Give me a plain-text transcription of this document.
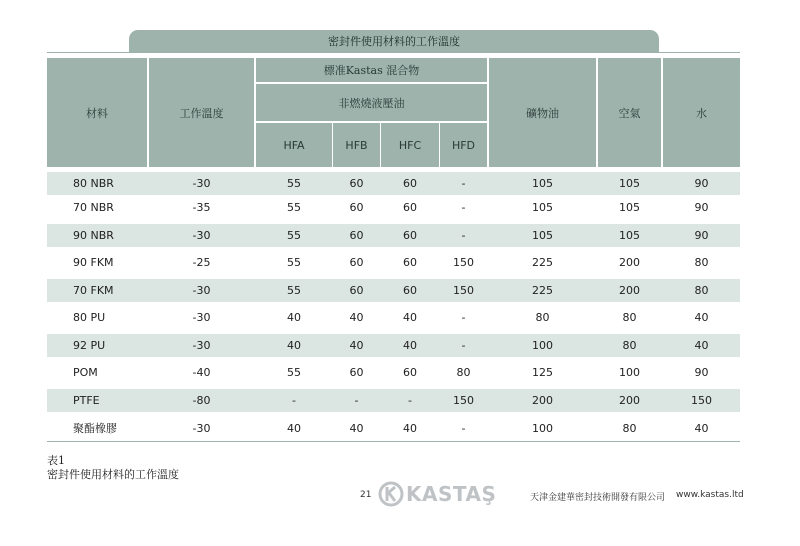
密封件使用材料的工作溫度
材料	工作溫度
標准Kastas 混合物
非燃燒液壓油
HFA	HFB	HFC	HFD
礦物油	空氣	水
80 NBR	-30	55	60	60	-	105	105	90
70 NBR	-35	55	60	60	-	105	105	90
90 NBR	-30	55	60	60	-	105	105	90
90 FKM	-25	55	60	60	150	225	200	80
70 FKM	-30	55	60	60	150	225	200	80
80 PU	-30	40	40	40	-	80	80	40
92 PU	-30	40	40	40	-	100	80	40
POM	-40	55	60	60	80	125	100	90
PTFE	-80	-	-	-	150	200	200	150
聚酯橡膠	-30	40	40	40	-	100	80	40
表1
密封件使用材料的工作溫度
21 KASTAŞ	天津金建華密封技術開發有限公司 www.kastas.ltd
